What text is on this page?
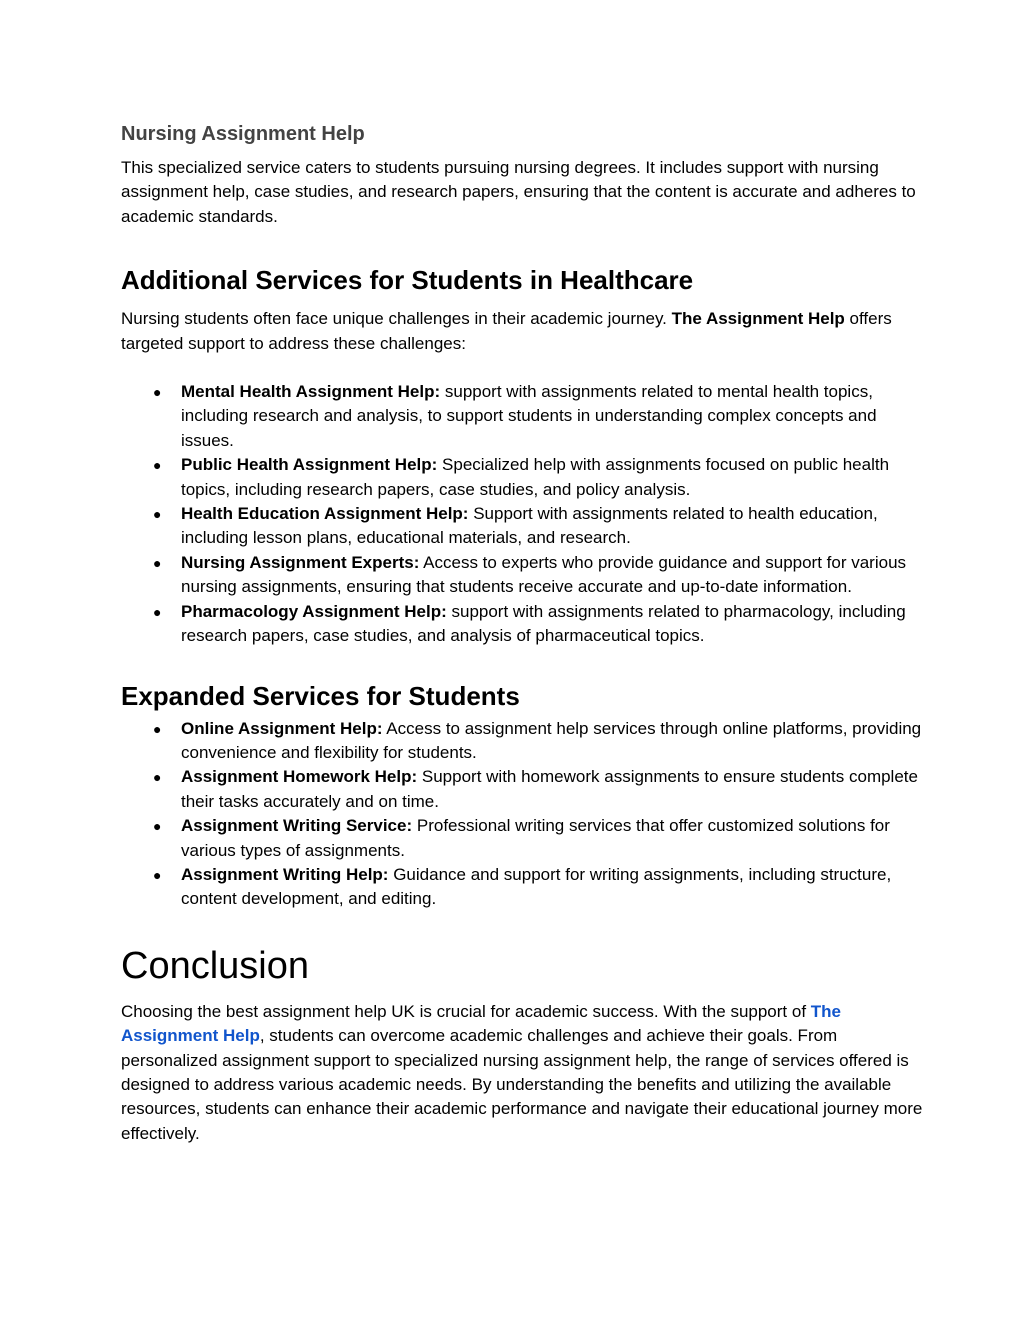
Nursing Assignment Help

This specialized service caters to students pursuing nursing degrees. It includes support with nursing assignment help, case studies, and research papers, ensuring that the content is accurate and adheres to academic standards.

Additional Services for Students in Healthcare

Nursing students often face unique challenges in their academic journey. The Assignment Help offers targeted support to address these challenges:

● Mental Health Assignment Help: support with assignments related to mental health topics, including research and analysis, to support students in understanding complex concepts and issues.
● Public Health Assignment Help: Specialized help with assignments focused on public health topics, including research papers, case studies, and policy analysis.
● Health Education Assignment Help: Support with assignments related to health education, including lesson plans, educational materials, and research.
● Nursing Assignment Experts: Access to experts who provide guidance and support for various nursing assignments, ensuring that students receive accurate and up-to-date information.
● Pharmacology Assignment Help: support with assignments related to pharmacology, including research papers, case studies, and analysis of pharmaceutical topics.
Expanded Services for Students
● Online Assignment Help: Access to assignment help services through online platforms, providing convenience and flexibility for students.
● Assignment Homework Help: Support with homework assignments to ensure students complete their tasks accurately and on time.
● Assignment Writing Service: Professional writing services that offer customized solutions for various types of assignments.
● Assignment Writing Help: Guidance and support for writing assignments, including structure, content development, and editing.
Conclusion

Choosing the best assignment help UK is crucial for academic success. With the support of The Assignment Help, students can overcome academic challenges and achieve their goals. From personalized assignment support to specialized nursing assignment help, the range of services offered is designed to address various academic needs. By understanding the benefits and utilizing the available resources, students can enhance their academic performance and navigate their educational journey more effectively.
